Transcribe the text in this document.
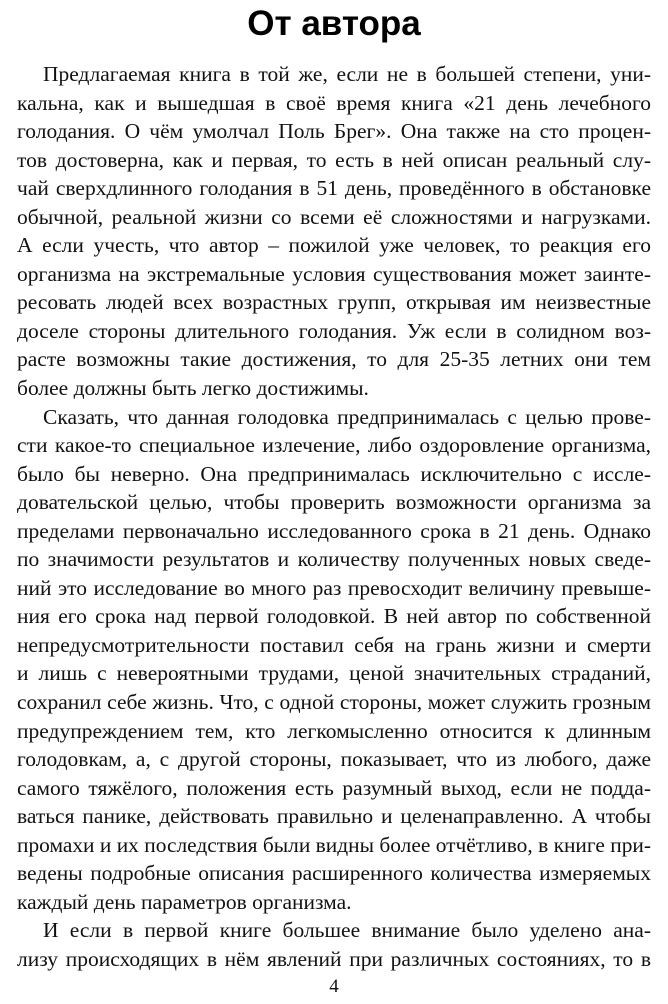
От автора

Предлагаемая книга в той же, если не в большей степени, уни-
кальна, как и вышедшая в своё время книга «21 день лечебного
голодания. О чём умолчал Поль Брег». Она также на сто процен-
тов достоверна, как и первая, то есть в ней описан реальный слу-
чай сверхдлинного голодания в 51 день, проведённого в обстановке
обычной, реальной жизни со всеми её сложностями и нагрузками.
А если учесть, что автор – пожилой уже человек, то реакция его
организма на экстремальные условия существования может заинте-
ресовать людей всех возрастных групп, открывая им неизвестные
доселе стороны длительного голодания. Уж если в солидном воз-
расте возможны такие достижения, то для 25-35 летних они тем
более должны быть легко достижимы.

Сказать, что данная голодовка предпринималась с целью прове-
сти какое-то специальное излечение, либо оздоровление организма,
было бы неверно. Она предпринималась исключительно с иссле-
довательской целью, чтобы проверить возможности организма за
пределами первоначально исследованного срока в 21 день. Однако
по значимости результатов и количеству полученных новых сведе-
ний это исследование во много раз превосходит величину превыше-
ния его срока над первой голодовкой. В ней автор по собственной
непредусмотрительности поставил себя на грань жизни и смерти
и лишь с невероятными трудами, ценой значительных страданий,
сохранил себе жизнь. Что, с одной стороны, может служить грозным
предупреждением тем, кто легкомысленно относится к длинным
голодовкам, а, с другой стороны, показывает, что из любого, даже
самого тяжёлого, положения есть разумный выход, если не подда-
ваться панике, действовать правильно и целенаправленно. А чтобы
промахи и их последствия были видны более отчётливо, в книге при-
ведены подробные описания расширенного количества измеряемых
каждый день параметров организма.

И если в первой книге большее внимание было уделено ана-
лизу происходящих в нём явлений при различных состояниях, то в

4
